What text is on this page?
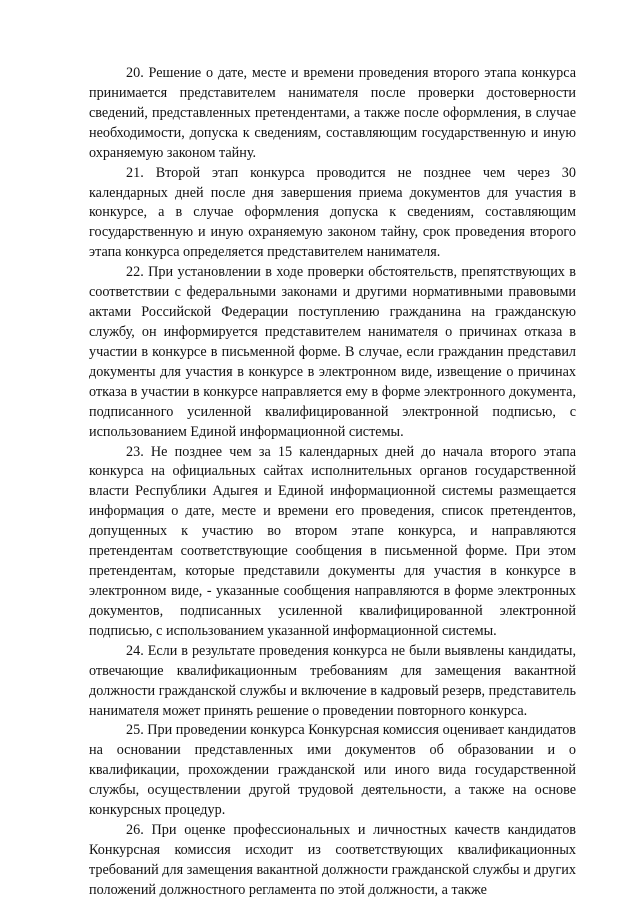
20. Решение о дате, месте и времени проведения второго этапа конкурса принимается представителем нанимателя после проверки достоверности сведений, представленных претендентами, а также после оформления, в случае необходимости, допуска к сведениям, составляющим государственную и иную охраняемую законом тайну.

21. Второй этап конкурса проводится не позднее чем через 30 календарных дней после дня завершения приема документов для участия в конкурсе, а в случае оформления допуска к сведениям, составляющим государственную и иную охраняемую законом тайну, срок проведения второго этапа конкурса определяется представителем нанимателя.

22. При установлении в ходе проверки обстоятельств, препятствующих в соответствии с федеральными законами и другими нормативными правовыми актами Российской Федерации поступлению гражданина на гражданскую службу, он информируется представителем нанимателя о причинах отказа в участии в конкурсе в письменной форме. В случае, если гражданин представил документы для участия в конкурсе в электронном виде, извещение о причинах отказа в участии в конкурсе направляется ему в форме электронного документа, подписанного усиленной квалифицированной электронной подписью, с использованием Единой информационной системы.

23. Не позднее чем за 15 календарных дней до начала второго этапа конкурса на официальных сайтах исполнительных органов государственной власти Республики Адыгея и Единой информационной системы размещается информация о дате, месте и времени его проведения, список претендентов, допущенных к участию во втором этапе конкурса, и направляются претендентам соответствующие сообщения в письменной форме. При этом претендентам, которые представили документы для участия в конкурсе в электронном виде, - указанные сообщения направляются в форме электронных документов, подписанных усиленной квалифицированной электронной подписью, с использованием указанной информационной системы.

24. Если в результате проведения конкурса не были выявлены кандидаты, отвечающие квалификационным требованиям для замещения вакантной должности гражданской службы и включение в кадровый резерв, представитель нанимателя может принять решение о проведении повторного конкурса.

25. При проведении конкурса Конкурсная комиссия оценивает кандидатов на основании представленных ими документов об образовании и о квалификации, прохождении гражданской или иного вида государственной службы, осуществлении другой трудовой деятельности, а также на основе конкурсных процедур.

26. При оценке профессиональных и личностных качеств кандидатов Конкурсная комиссия исходит из соответствующих квалификационных требований для замещения вакантной должности гражданской службы и других положений должностного регламента по этой должности, а также
